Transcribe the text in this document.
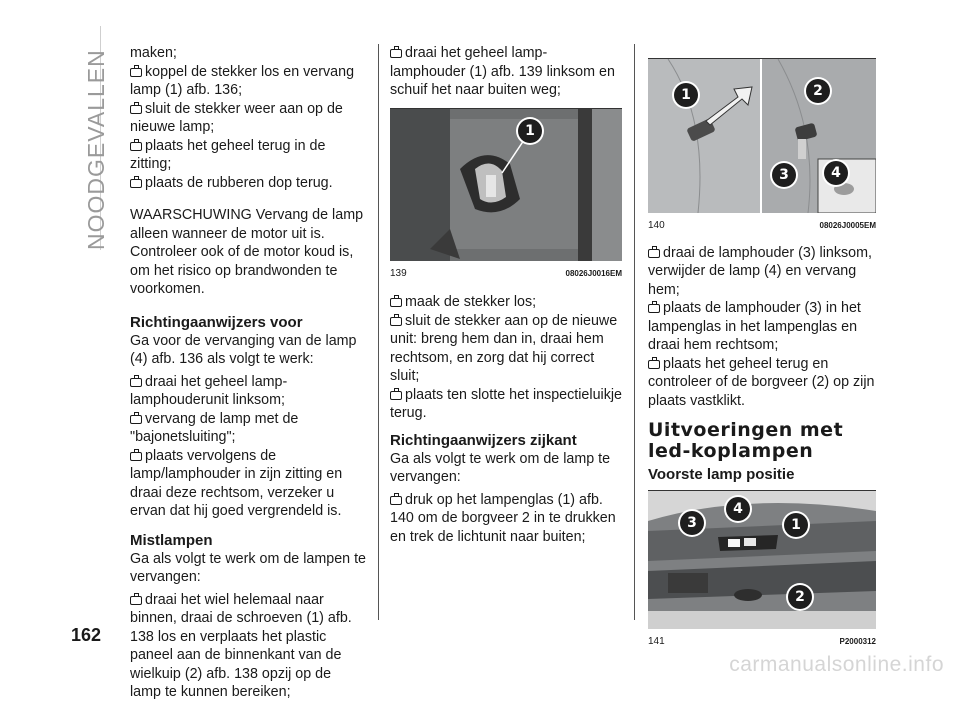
NOODGEVALLEN
162

maken;

koppel de stekker los en vervang lamp (1) afb. 136;

sluit de stekker weer aan op de nieuwe lamp;

plaats het geheel terug in de zitting;

plaats de rubberen dop terug.

WAARSCHUWING Vervang de lamp alleen wanneer de motor uit is. Controleer ook of de motor koud is, om het risico op brandwonden te voorkomen.

Richtingaanwijzers voor

Ga voor de vervanging van de lamp (4) afb. 136 als volgt te werk:

draai het geheel lamp-lamphouderunit linksom;

vervang de lamp met de "bajonetsluiting";

plaats vervolgens de lamp/lamphouder in zijn zitting en draai deze rechtsom, verzeker u ervan dat hij goed vergrendeld is.

Mistlampen

Ga als volgt te werk om de lampen te vervangen:

draai het wiel helemaal naar binnen, draai de schroeven (1) afb. 138 los en verplaats het plastic paneel aan de binnenkant van de wielkuip (2) afb. 138 opzij op de lamp te kunnen bereiken;

draai het geheel lamp-lamphouder (1) afb. 139 linksom en schuif het naar buiten weg;

1
139	08026J0016EM

maak de stekker los;

sluit de stekker aan op de nieuwe unit: breng hem dan in, draai hem rechtsom, en zorg dat hij correct sluit;

plaats ten slotte het inspectieluikje terug.

Richtingaanwijzers zijkant

Ga als volgt te werk om de lamp te vervangen:

druk op het lampenglas (1) afb. 140 om de borgveer 2 in te drukken en trek de lichtunit naar buiten;

1	2
3	4
140	08026J0005EM

draai de lamphouder (3) linksom, verwijder de lamp (4) en vervang hem;

plaats de lamphouder (3) in het lampenglas in het lampenglas en draai hem rechtsom;

plaats het geheel terug en controleer of de borgveer (2) op zijn plaats vastklikt.

Uitvoeringen met led-koplampen
Voorste lamp positie
3
4
1
2
141	P2000312
carmanualsonline.info
